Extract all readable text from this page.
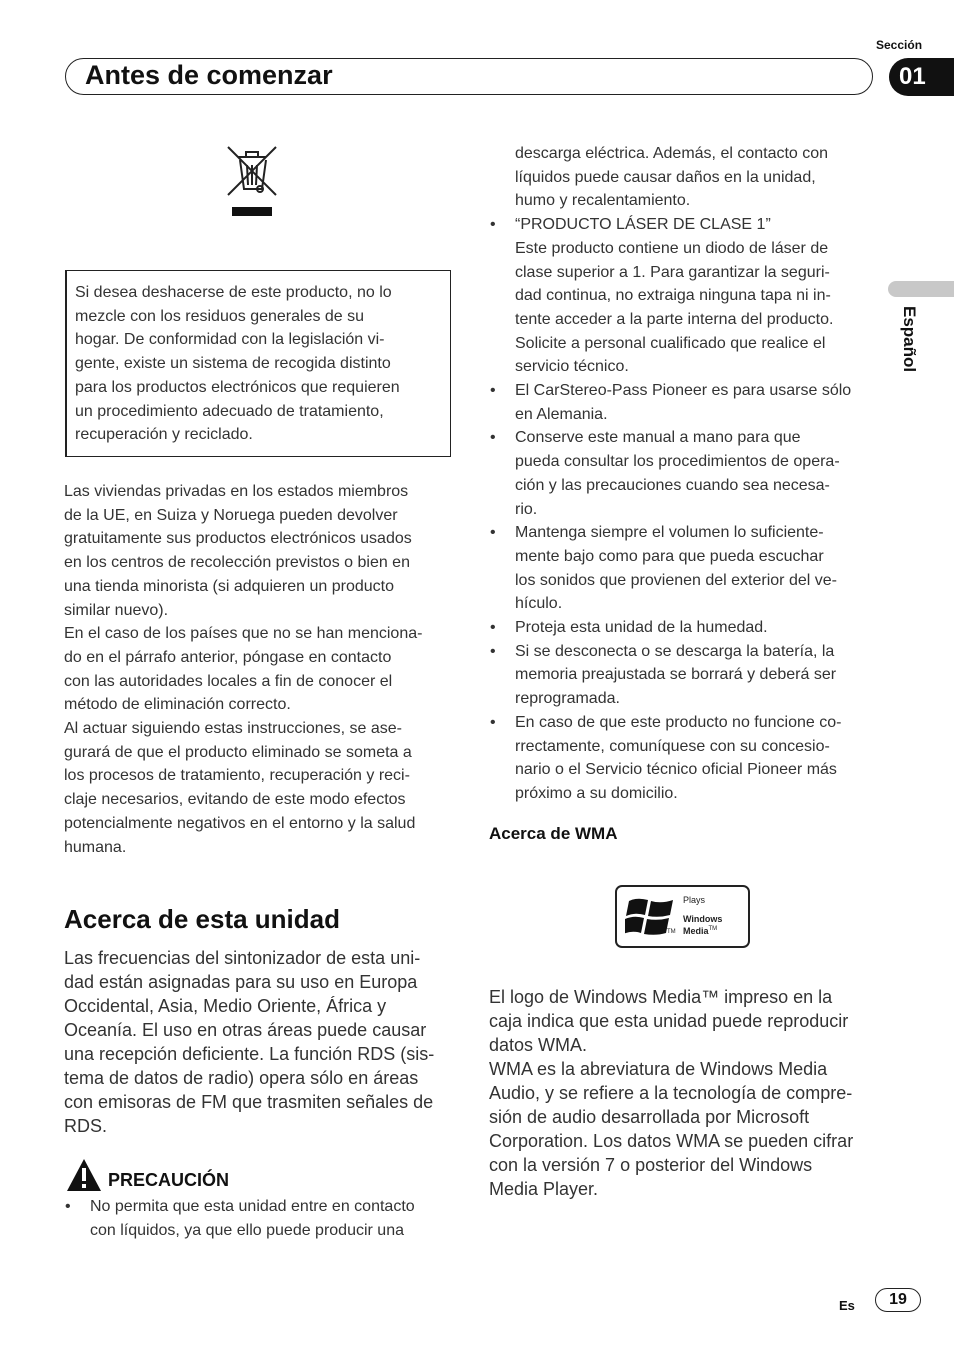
Sección
Antes de comenzar	01
Español
Si desea deshacerse de este producto, no lo
mezcle con los residuos generales de su
hogar. De conformidad con la legislación vi-
gente, existe un sistema de recogida distinto
para los productos electrónicos que requieren
un procedimiento adecuado de tratamiento,
recuperación y reciclado.
Las viviendas privadas en los estados miembros
de la UE, en Suiza y Noruega pueden devolver
gratuitamente sus productos electrónicos usados
en los centros de recolección previstos o bien en
una tienda minorista (si adquieren un producto
similar nuevo).
En el caso de los países que no se han menciona-
do en el párrafo anterior, póngase en contacto
con las autoridades locales a fin de conocer el
método de eliminación correcto.
Al actuar siguiendo estas instrucciones, se ase-
gurará de que el producto eliminado se someta a
los procesos de tratamiento, recuperación y reci-
claje necesarios, evitando de este modo efectos
potencialmente negativos en el entorno y la salud
humana.
Acerca de esta unidad
Las frecuencias del sintonizador de esta uni-
dad están asignadas para su uso en Europa
Occidental, Asia, Medio Oriente, África y
Oceanía. El uso en otras áreas puede causar
una recepción deficiente. La función RDS (sis-
tema de datos de radio) opera sólo en áreas
con emisoras de FM que trasmiten señales de
RDS.
PRECAUCIÓN
• No permita que esta unidad entre en contacto
con líquidos, ya que ello puede producir una
descarga eléctrica. Además, el contacto con
líquidos puede causar daños en la unidad,
humo y recalentamiento.
• “PRODUCTO LÁSER DE CLASE 1”
Este producto contiene un diodo de láser de
clase superior a 1. Para garantizar la seguri-
dad continua, no extraiga ninguna tapa ni in-
tente acceder a la parte interna del producto.
Solicite a personal cualificado que realice el
servicio técnico.
• El CarStereo-Pass Pioneer es para usarse sólo
en Alemania.
• Conserve este manual a mano para que
pueda consultar los procedimientos de opera-
ción y las precauciones cuando sea necesa-
rio.
• Mantenga siempre el volumen lo suficiente-
mente bajo como para que pueda escuchar
los sonidos que provienen del exterior del ve-
hículo.
• Proteja esta unidad de la humedad.
• Si se desconecta o se descarga la batería, la
memoria preajustada se borrará y deberá ser
reprogramada.
• En caso de que este producto no funcione co-
rrectamente, comuníquese con su concesio-
nario o el Servicio técnico oficial Pioneer más
próximo a su domicilio.
Acerca de WMA
TM
Plays
Windows
Media™
El logo de Windows Media™ impreso en la
caja indica que esta unidad puede reproducir
datos WMA.
WMA es la abreviatura de Windows Media
Audio, y se refiere a la tecnología de compre-
sión de audio desarrollada por Microsoft
Corporation. Los datos WMA se pueden cifrar
con la versión 7 o posterior del Windows
Media Player.
Es	19
